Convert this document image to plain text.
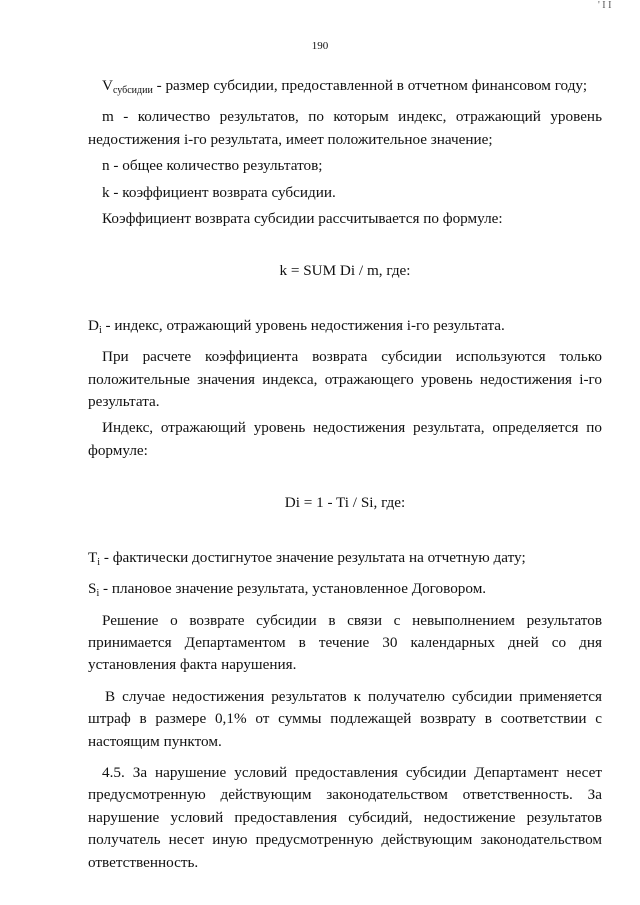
' I I
190

$V_{субсидии}$ - размер субсидии, предоставленной в отчетном финансовом году;

m - количество результатов, по которым индекс, отражающий уровень недостижения i-го результата, имеет положительное значение;

n - общее количество результатов;

k - коэффициент возврата субсидии.

Коэффициент возврата субсидии рассчитывается по формуле:

k = SUM Di / m, где:

$D_i$ - индекс, отражающий уровень недостижения i-го результата.

При расчете коэффициента возврата субсидии используются только положительные значения индекса, отражающего уровень недостижения i-го результата.

Индекс, отражающий уровень недостижения результата, определяется по формуле:

Di = 1 - Ti / Si, где:

$T_i$ - фактически достигнутое значение результата на отчетную дату;

$S_i$ - плановое значение результата, установленное Договором.

Решение о возврате субсидии в связи с невыполнением результатов принимается Департаментом в течение 30 календарных дней со дня установления факта нарушения.

В случае недостижения результатов к получателю субсидии применяется штраф в размере 0,1% от суммы подлежащей возврату в соответствии с настоящим пунктом.

4.5. За нарушение условий предоставления субсидии Департамент несет предусмотренную действующим законодательством ответственность. За нарушение условий предоставления субсидий, недостижение результатов получатель несет иную предусмотренную действующим законодательством ответственность.
